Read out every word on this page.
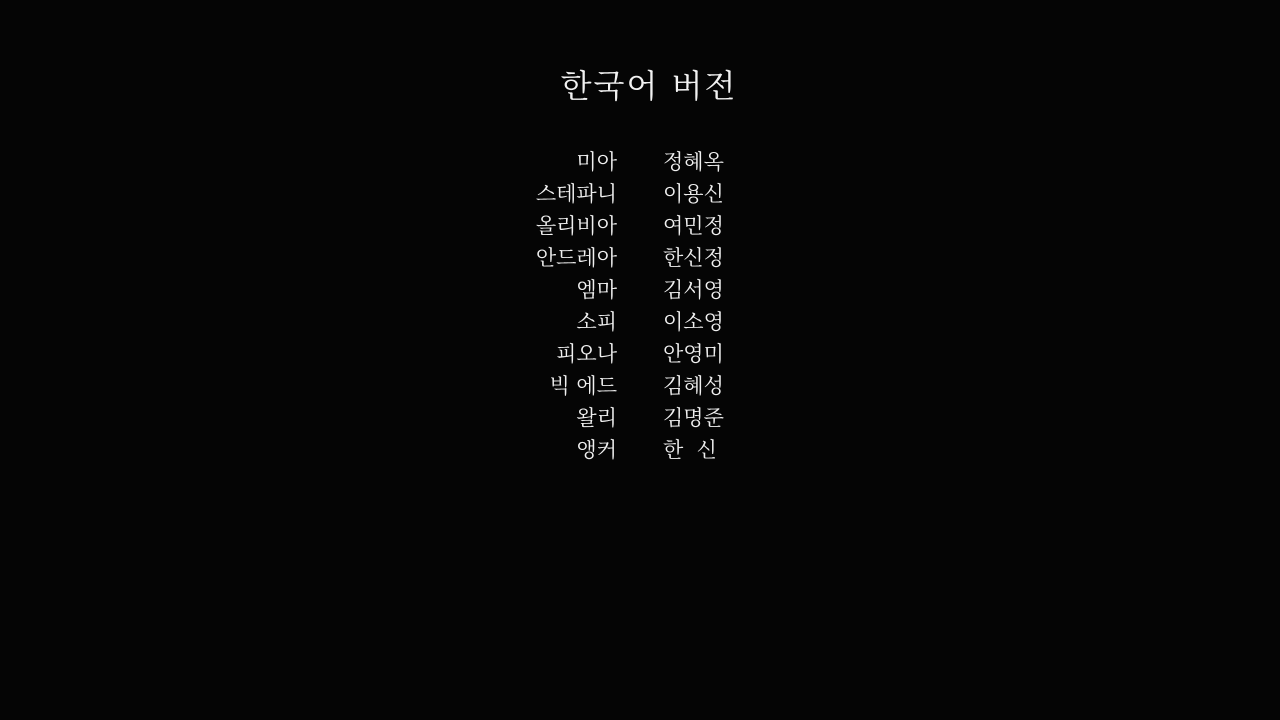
한국어 버전
미아 정혜옥
스테파니 이용신
올리비아 여민정
안드레아 한신정
엠마 김서영
소피 이소영
피오나 안영미
빅 에드 김혜성
왈리 김명준
앵커 한  신
